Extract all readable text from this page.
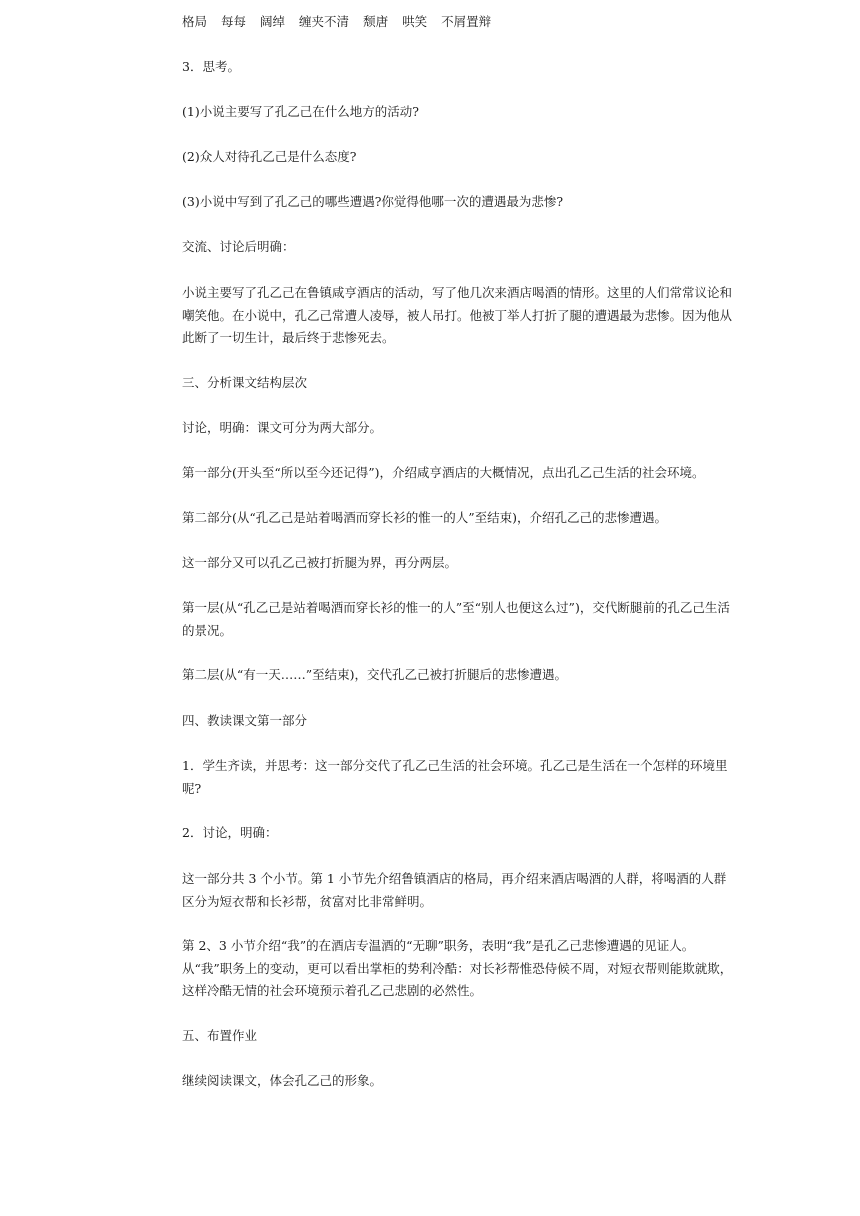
格局 每每 阔绰 缠夹不清 颓唐 哄笑 不屑置辩

3．思考。

(1)小说主要写了孔乙己在什么地方的活动?

(2)众人对待孔乙己是什么态度?

(3)小说中写到了孔乙己的哪些遭遇?你觉得他哪一次的遭遇最为悲惨?

交流、讨论后明确：

小说主要写了孔乙己在鲁镇咸亨酒店的活动，写了他几次来酒店喝酒的情形。这里的人们常常议论和嘲笑他。在小说中，孔乙己常遭人凌辱，被人吊打。他被丁举人打折了腿的遭遇最为悲惨。因为他从此断了一切生计，最后终于悲惨死去。

三、分析课文结构层次

讨论，明确：课文可分为两大部分。

第一部分(开头至“所以至今还记得”)，介绍咸亨酒店的大概情况，点出孔乙己生活的社会环境。

第二部分(从“孔乙己是站着喝酒而穿长衫的惟一的人”至结束)，介绍孔乙己的悲惨遭遇。

这一部分又可以孔乙己被打折腿为界，再分两层。

第一层(从“孔乙己是站着喝酒而穿长衫的惟一的人”至“别人也便这么过”)，交代断腿前的孔乙己生活的景况。

第二层(从“有一天……”至结束)，交代孔乙己被打折腿后的悲惨遭遇。

四、教读课文第一部分

1．学生齐读，并思考：这一部分交代了孔乙己生活的社会环境。孔乙己是生活在一个怎样的环境里呢?

2．讨论，明确：

这一部分共 3 个小节。第 1 小节先介绍鲁镇酒店的格局，再介绍来酒店喝酒的人群，将喝酒的人群区分为短衣帮和长衫帮，贫富对比非常鲜明。

第 2、3 小节介绍“我”的在酒店专温酒的“无聊”职务，表明“我”是孔乙己悲惨遭遇的见证人。从“我”职务上的变动，更可以看出掌柜的势利冷酷：对长衫帮惟恐侍候不周，对短衣帮则能欺就欺，这样冷酷无情的社会环境预示着孔乙己悲剧的必然性。

五、布置作业

继续阅读课文，体会孔乙己的形象。
